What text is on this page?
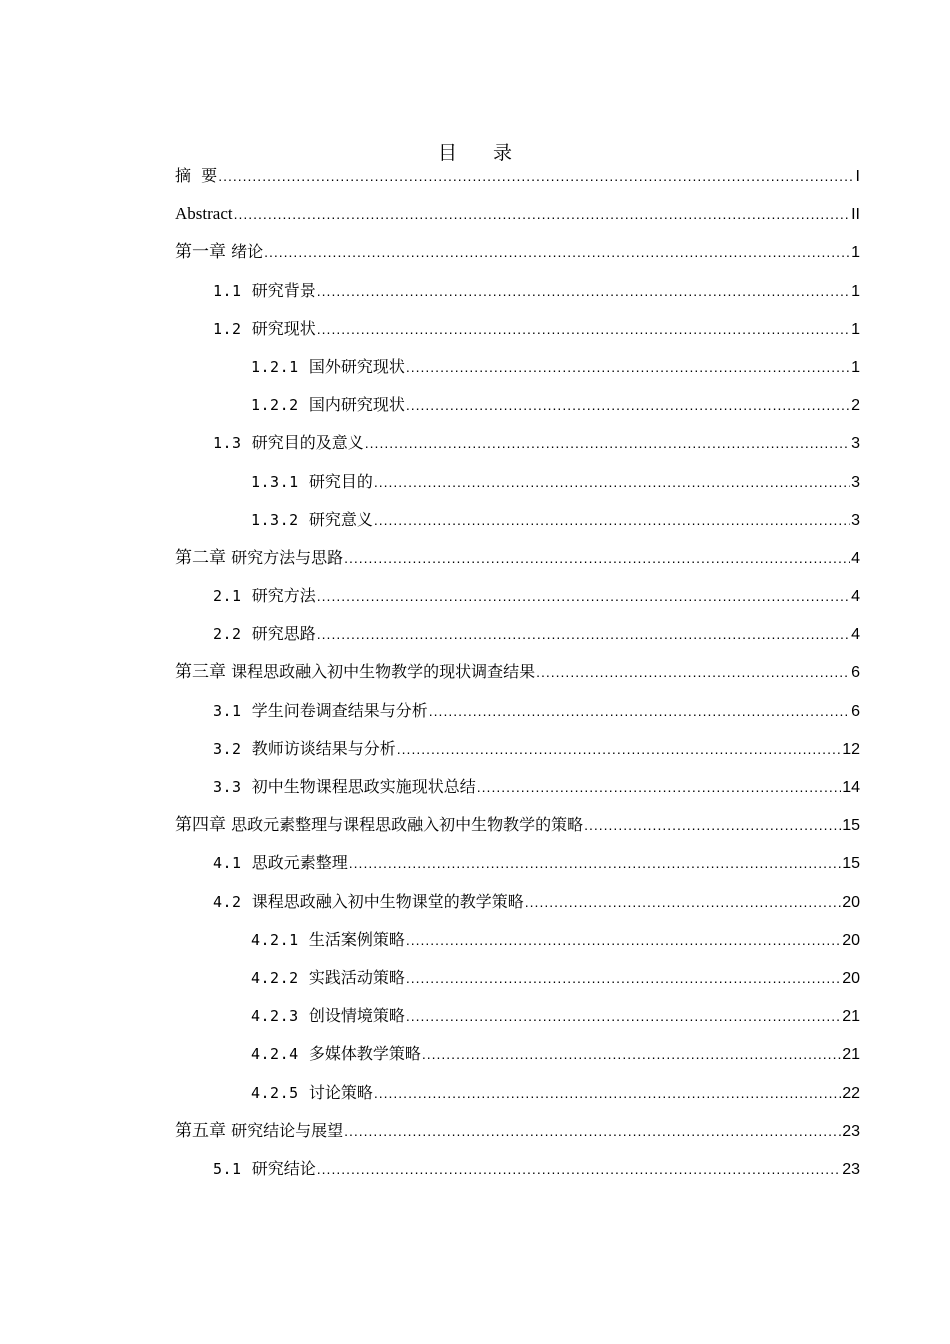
目 录
摘  要 .....	I
Abstract .....	II
第一章 绪论 .....	1
1.1 研究背景 .....	1
1.2 研究现状 .....	1
1.2.1 国外研究现状 .....	1
1.2.2 国内研究现状 .....	2
1.3 研究目的及意义 .....	3
1.3.1 研究目的 .....	3
1.3.2 研究意义 .....	3
第二章 研究方法与思路 .....	4
2.1 研究方法 .....	4
2.2 研究思路 .....	4
第三章 课程思政融入初中生物教学的现状调查结果 .....	6
3.1 学生问卷调查结果与分析 .....	6
3.2 教师访谈结果与分析 .....	12
3.3 初中生物课程思政实施现状总结 .....	14
第四章 思政元素整理与课程思政融入初中生物教学的策略 .....	15
4.1 思政元素整理 .....	15
4.2 课程思政融入初中生物课堂的教学策略 .....	20
4.2.1 生活案例策略 .....	20
4.2.2 实践活动策略 .....	20
4.2.3 创设情境策略 .....	21
4.2.4 多媒体教学策略 .....	21
4.2.5 讨论策略 .....	22
第五章 研究结论与展望 .....	23
5.1 研究结论 .....	23
